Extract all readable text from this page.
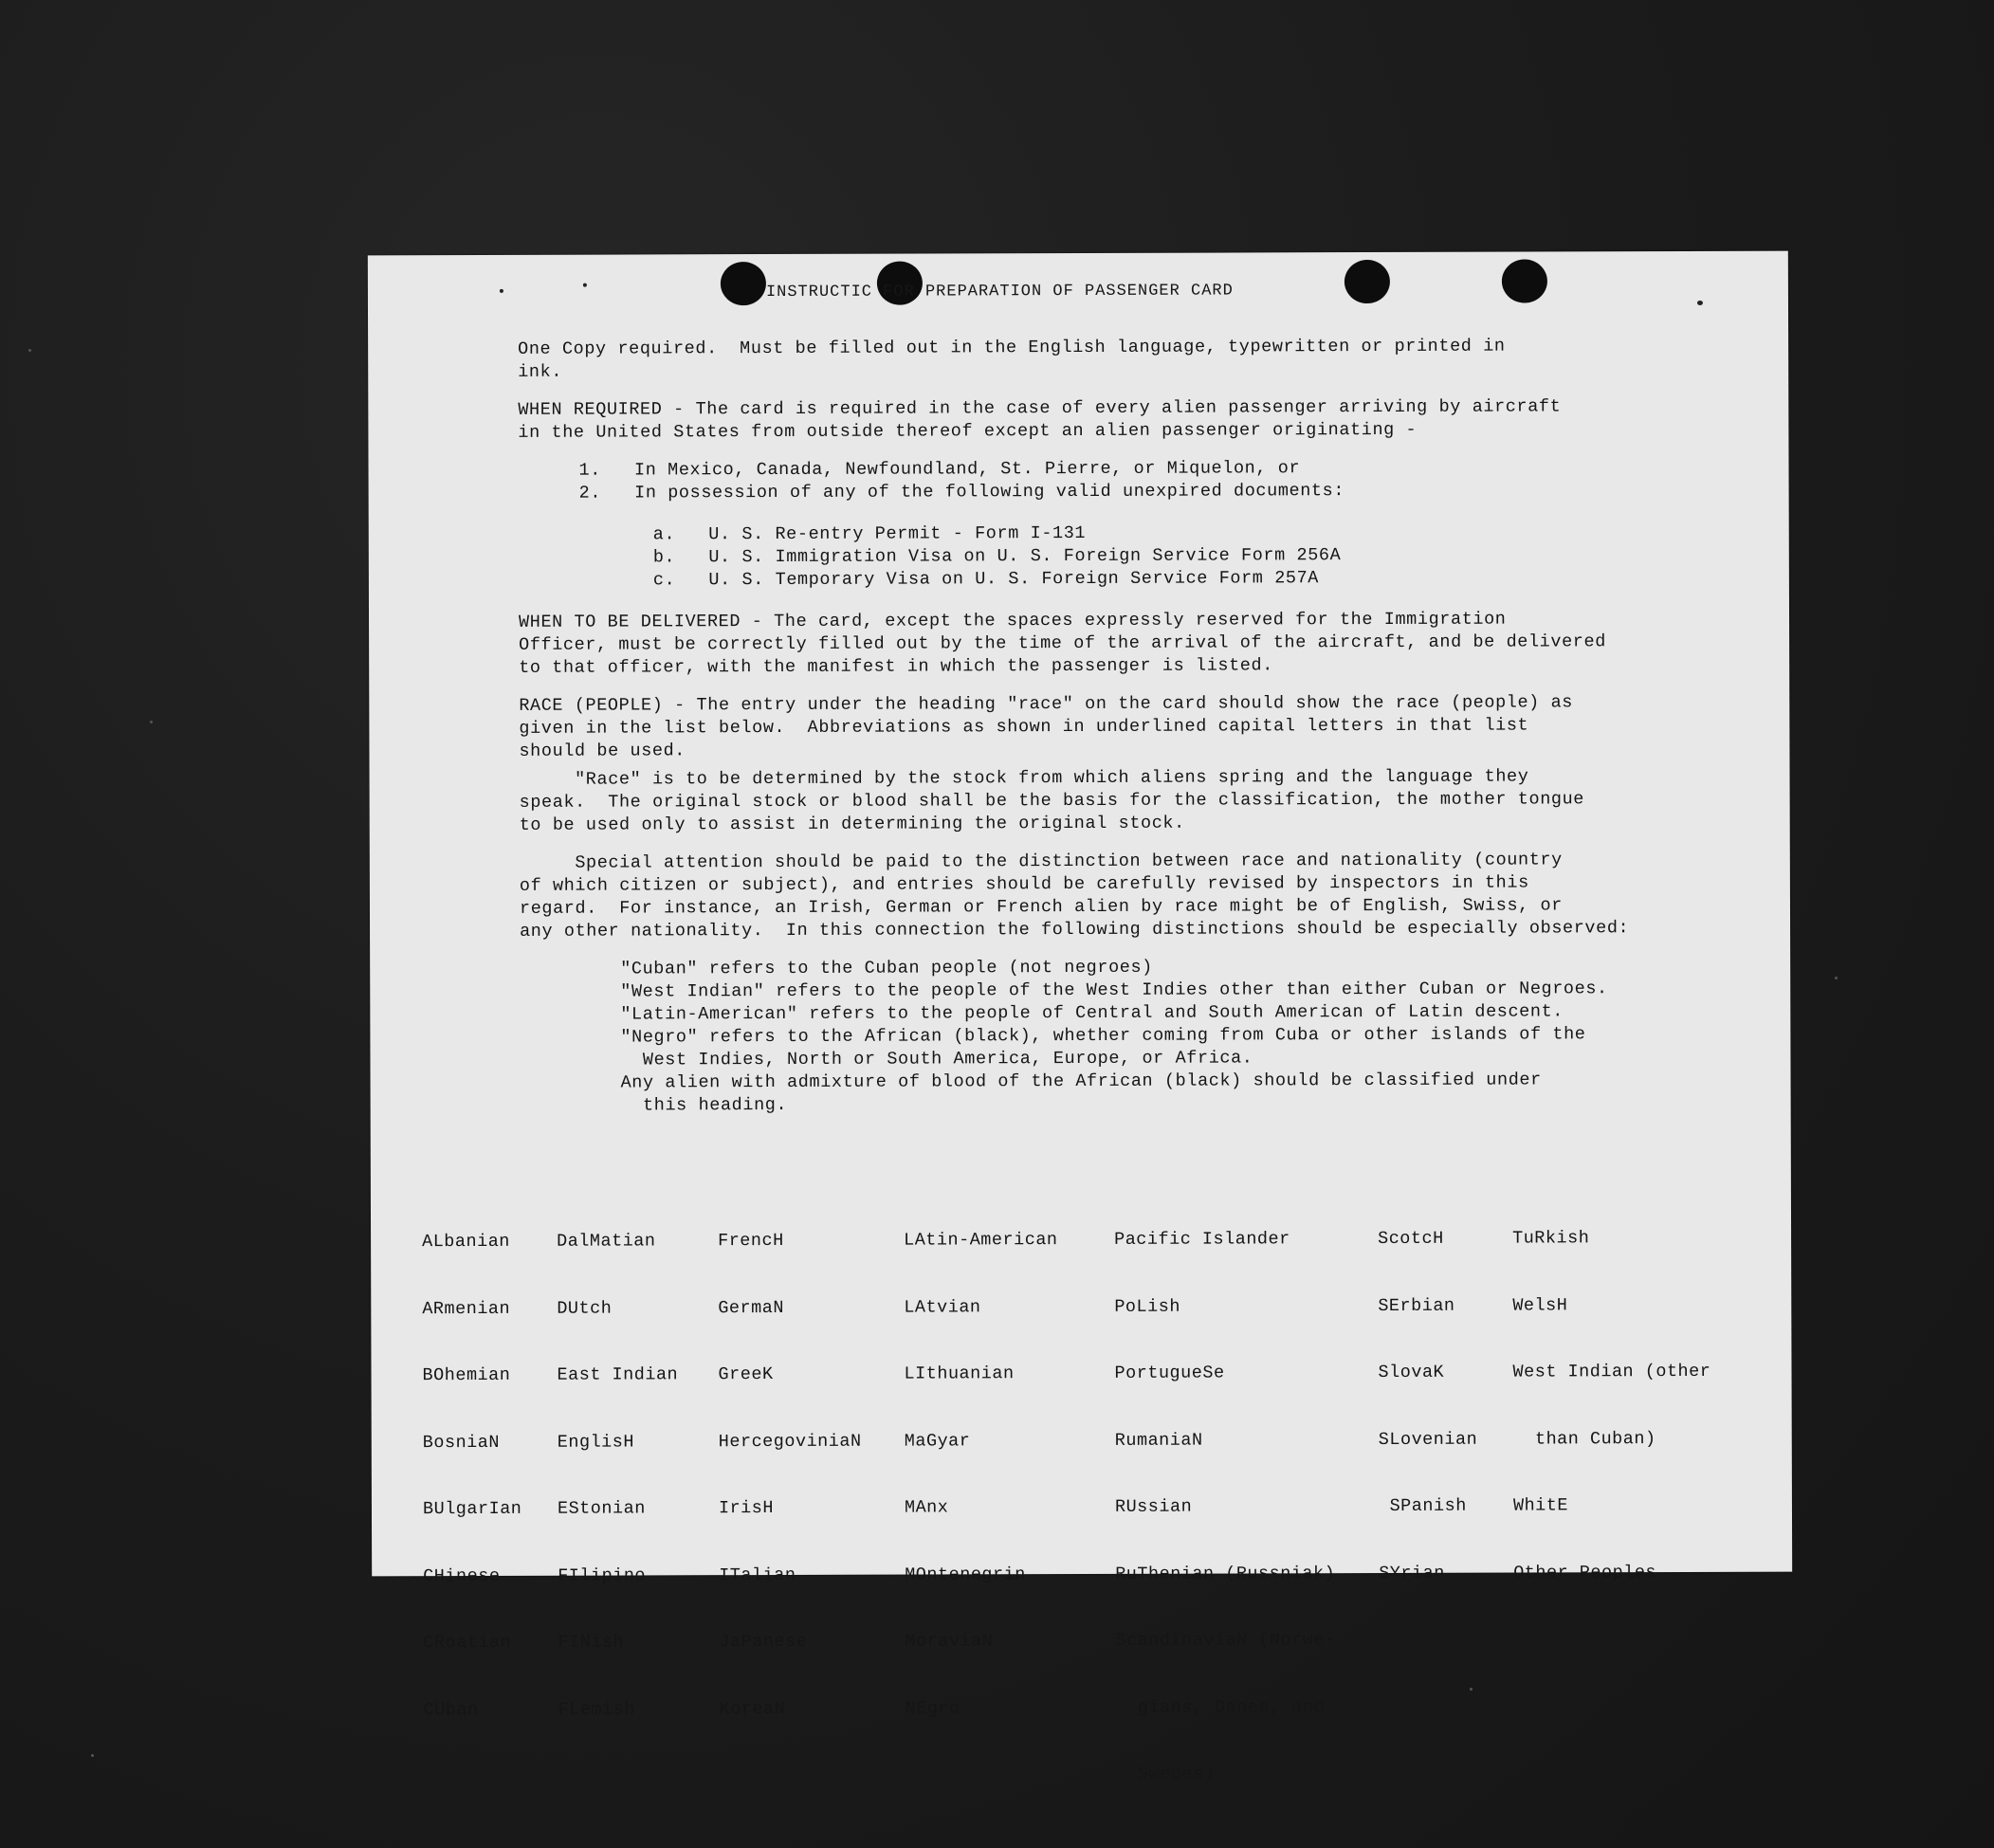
INSTRUCTIC FOR PREPARATION OF PASSENGER CARD
One Copy required.  Must be filled out in the English language, typewritten or printed in
ink.
WHEN REQUIRED - The card is required in the case of every alien passenger arriving by aircraft
in the United States from outside thereof except an alien passenger originating -
1.   In Mexico, Canada, Newfoundland, St. Pierre, or Miquelon, or
2.   In possession of any of the following valid unexpired documents:
a.   U. S. Re-entry Permit - Form I-131
b.   U. S. Immigration Visa on U. S. Foreign Service Form 256A
c.   U. S. Temporary Visa on U. S. Foreign Service Form 257A
WHEN TO BE DELIVERED - The card, except the spaces expressly reserved for the Immigration
Officer, must be correctly filled out by the time of the arrival of the aircraft, and be delivered
to that officer, with the manifest in which the passenger is listed.
RACE (PEOPLE) - The entry under the heading "race" on the card should show the race (people) as
given in the list below.  Abbreviations as shown in underlined capital letters in that list
should be used.
"Race" is to be determined by the stock from which aliens spring and the language they
speak.  The original stock or blood shall be the basis for the classification, the mother tongue
to be used only to assist in determining the original stock.
Special attention should be paid to the distinction between race and nationality (country
of which citizen or subject), and entries should be carefully revised by inspectors in this
regard.  For instance, an Irish, German or French alien by race might be of English, Swiss, or
any other nationality.  In this connection the following distinctions should be especially observed:
"Cuban" refers to the Cuban people (not negroes)
"West Indian" refers to the people of the West Indies other than either Cuban or Negroes.
"Latin-American" refers to the people of Central and South American of Latin descent.
"Negro" refers to the African (black), whether coming from Cuba or other islands of the
West Indies, North or South America, Europe, or Africa.
Any alien with admixture of blood of the African (black) should be classified under
this heading.

ALbanian

ARmenian

BOhemian

BosniaN

BUlgarIan

CHinese

CRoatian

CUban

DalMatian

DUtch

East Indian

EnglisH

EStonian

FIlipino

FINish

FLemish

FrencH

GermaN

GreeK

HercegoviniaN

IrisH

ITalian

JaPanese

KoreaN

LAtin-American

LAtvian

LIthuanian

MaGyar

MAnx

MOntenegrin

MoraviaN

NEgro

Pacific Islander

PoLish

PortugueSe

RumaniaN

RUssian

RuThenian (Russniak)

ScandinaviaN (Norwe-

gians, Danes, and

Swedes)

ScotcH

SErbian

SlovaK

SLovenian

SPanish

SYrian

TuRkish

WelsH

West Indian (other

than Cuban)

WhitE

Other Peoples
